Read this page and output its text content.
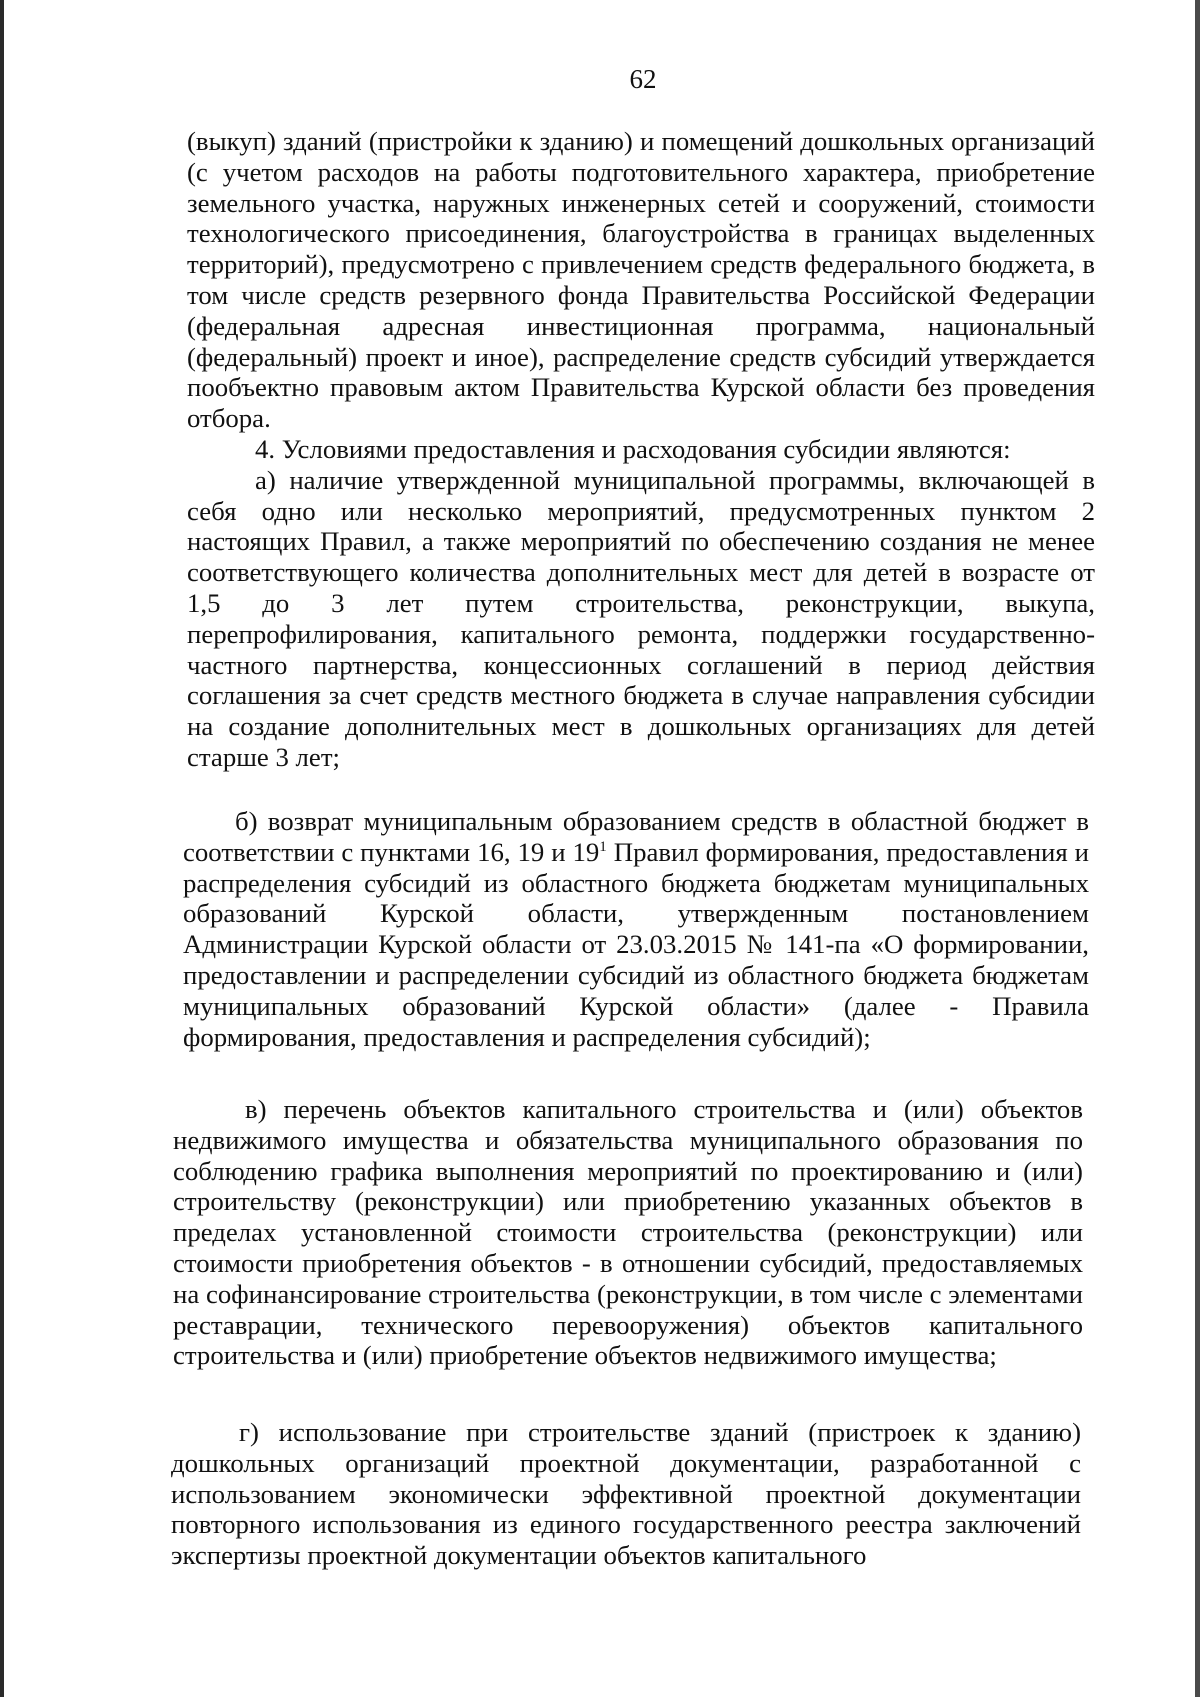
62

(выкуп) зданий (пристройки к зданию) и помещений дошкольных организаций (с учетом расходов на работы подготовительного характера, приобретение земельного участка, наружных инженерных сетей и сооружений, стоимости технологического присоединения, благоустройства в границах выделенных территорий), предусмотрено с привлечением средств федерального бюджета, в том числе средств резервного фонда Правительства Российской Федерации (федеральная адресная инвестиционная программа, национальный (федеральный) проект и иное), распределение средств субсидий утверждается пообъектно правовым актом Правительства Курской области без проведения отбора.

4. Условиями предоставления и расходования субсидии являются:

а) наличие утвержденной муниципальной программы, включающей в себя одно или несколько мероприятий, предусмотренных пунктом 2 настоящих Правил, а также мероприятий по обеспечению создания не менее соответствующего количества дополнительных мест для детей в возрасте от 1,5 до 3 лет путем строительства, реконструкции, выкупа, перепрофилирования, капитального ремонта, поддержки государственно-частного партнерства, концессионных соглашений в период действия соглашения за счет средств местного бюджета в случае направления субсидии на создание дополнительных мест в дошкольных организациях для детей старше 3 лет;

б) возврат муниципальным образованием средств в областной бюджет в соответствии с пунктами 16, 19 и $19^1$ Правил формирования, предоставления и распределения субсидий из областного бюджета бюджетам муниципальных образований Курской области, утвержденным постановлением Администрации Курской области от 23.03.2015 № 141-па «О формировании, предоставлении и распределении субсидий из областного бюджета бюджетам муниципальных образований Курской области» (далее - Правила формирования, предоставления и распределения субсидий);

в) перечень объектов капитального строительства и (или) объектов недвижимого имущества и обязательства муниципального образования по соблюдению графика выполнения мероприятий по проектированию и (или) строительству (реконструкции) или приобретению указанных объектов в пределах установленной стоимости строительства (реконструкции) или стоимости приобретения объектов - в отношении субсидий, предоставляемых на софинансирование строительства (реконструкции, в том числе с элементами реставрации, технического перевооружения) объектов капитального строительства и (или) приобретение объектов недвижимого имущества;

г) использование при строительстве зданий (пристроек к зданию) дошкольных организаций проектной документации, разработанной с использованием экономически эффективной проектной документации повторного использования из единого государственного реестра заключений экспертизы проектной документации объектов капитального
